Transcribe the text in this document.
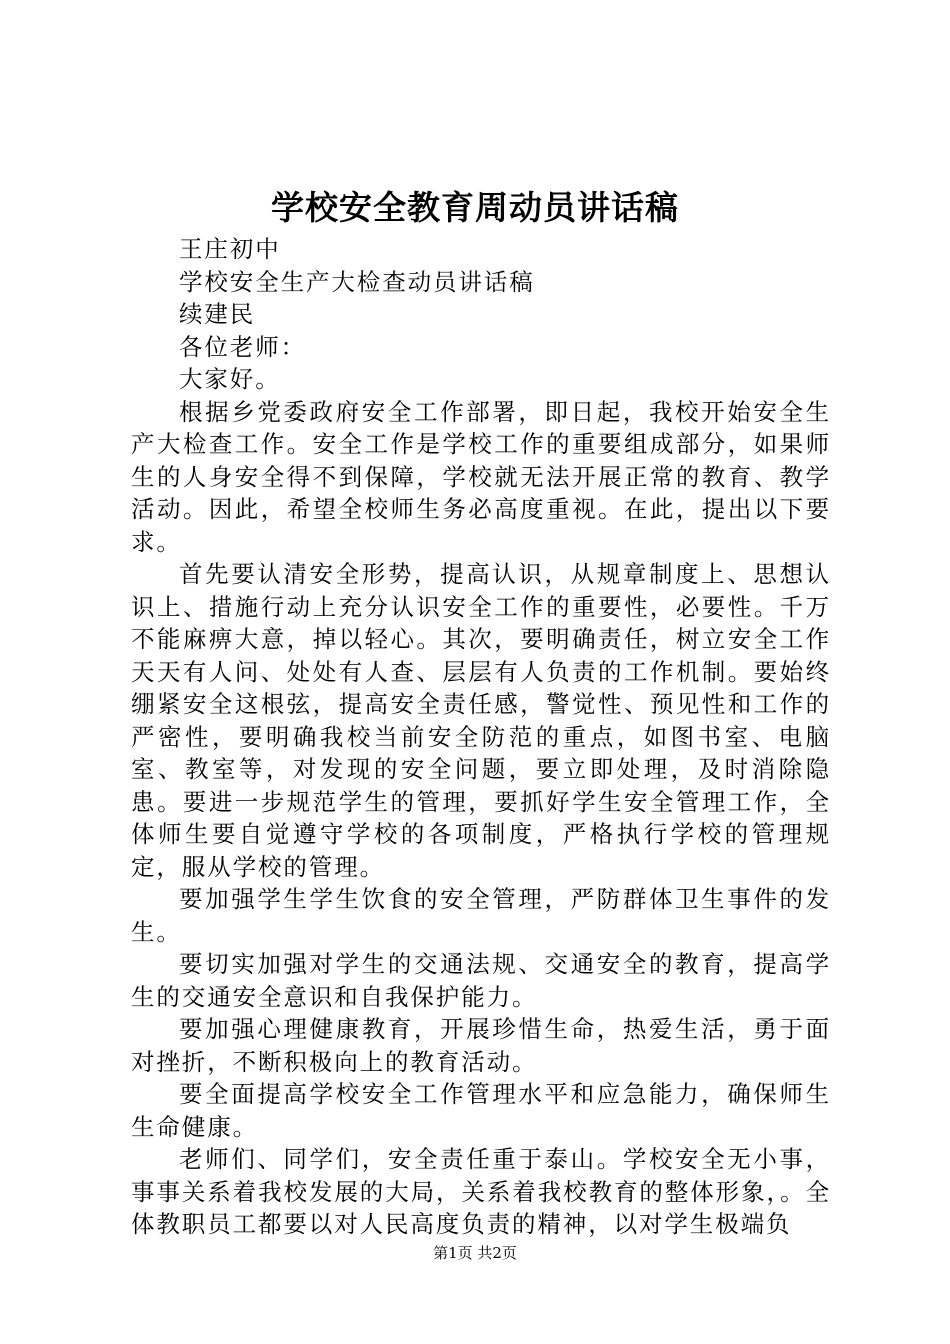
学校安全教育周动员讲话稿

王庄初中

学校安全生产大检查动员讲话稿

续建民

各位老师：

大家好。

根据乡党委政府安全工作部署，即日起，我校开始安全生产大检查工作。安全工作是学校工作的重要组成部分，如果师生的人身安全得不到保障，学校就无法开展正常的教育、教学活动。因此，希望全校师生务必高度重视。在此，提出以下要求。

首先要认清安全形势，提高认识，从规章制度上、思想认识上、措施行动上充分认识安全工作的重要性，必要性。千万不能麻痹大意，掉以轻心。其次，要明确责任，树立安全工作天天有人问、处处有人查、层层有人负责的工作机制。要始终绷紧安全这根弦，提高安全责任感，警觉性、预见性和工作的严密性，要明确我校当前安全防范的重点，如图书室、电脑室、教室等，对发现的安全问题，要立即处理，及时消除隐患。要进一步规范学生的管理，要抓好学生安全管理工作，全体师生要自觉遵守学校的各项制度，严格执行学校的管理规定，服从学校的管理。

要加强学生学生饮食的安全管理，严防群体卫生事件的发生。

要切实加强对学生的交通法规、交通安全的教育，提高学生的交通安全意识和自我保护能力。

要加强心理健康教育，开展珍惜生命，热爱生活，勇于面对挫折，不断积极向上的教育活动。

要全面提高学校安全工作管理水平和应急能力，确保师生生命健康。

老师们、同学们，安全责任重于泰山。学校安全无小事，事事关系着我校发展的大局，关系着我校教育的整体形象，。全体教职员工都要以对人民高度负责的精神，以对学生极端负

第1页 共2页
